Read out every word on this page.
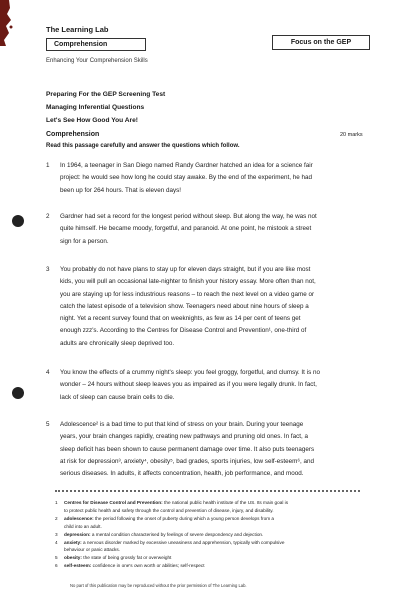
The Learning Lab
Comprehension	Focus on the GEP
Enhancing Your Comprehension Skills
Preparing For the GEP Screening Test
Managing Inferential Questions
Let's See How Good You Are!
Comprehension	20 marks
Read this passage carefully and answer the questions which follow.
1 In 1964, a teenager in San Diego named Randy Gardner hatched an idea for a science fair
project: he would see how long he could stay awake. By the end of the experiment, he had
been up for 264 hours. That is eleven days!
2 Gardner had set a record for the longest period without sleep. But along the way, he was not
quite himself. He became moody, forgetful, and paranoid. At one point, he mistook a street
sign for a person.
3 You probably do not have plans to stay up for eleven days straight, but if you are like most
kids, you will pull an occasional late-nighter to finish your history essay. More often than not,
you are staying up for less industrious reasons – to reach the next level on a video game or
catch the latest episode of a television show. Teenagers need about nine hours of sleep a
night. Yet a recent survey found that on weeknights, as few as 14 per cent of teens get
enough zzz's. According to the Centres for Disease Control and Prevention¹, one-third of
adults are chronically sleep deprived too.
4 You know the effects of a crummy night's sleep: you feel groggy, forgetful, and clumsy. It is no
wonder – 24 hours without sleep leaves you as impaired as if you were legally drunk. In fact,
lack of sleep can cause brain cells to die.
5 Adolescence² is a bad time to put that kind of stress on your brain. During your teenage
years, your brain changes rapidly, creating new pathways and pruning old ones. In fact, a
sleep deficit has been shown to cause permanent damage over time. It also puts teenagers
at risk for depression³, anxiety⁴, obesity⁵, bad grades, sports injuries, low self-esteem⁶, and
serious diseases. In adults, it affects concentration, health, job performance, and mood.
1	Centres for Disease Control and Prevention: the national public health institute of the US. Its main goal is
to protect public health and safety through the control and prevention of disease, injury, and disability.
2	adolescence: the period following the onset of puberty during which a young person develops from a
child into an adult.
3	depression: a mental condition characterised by feelings of severe despondency and dejection.
4	anxiety: a nervous disorder marked by excessive uneasiness and apprehension, typically with compulsive
behaviour or panic attacks.
5	obesity: the state of being grossly fat or overweight
6	self-esteem: confidence in one's own worth or abilities; self-respect
No part of this publication may be reproduced without the prior permission of The Learning Lab.
